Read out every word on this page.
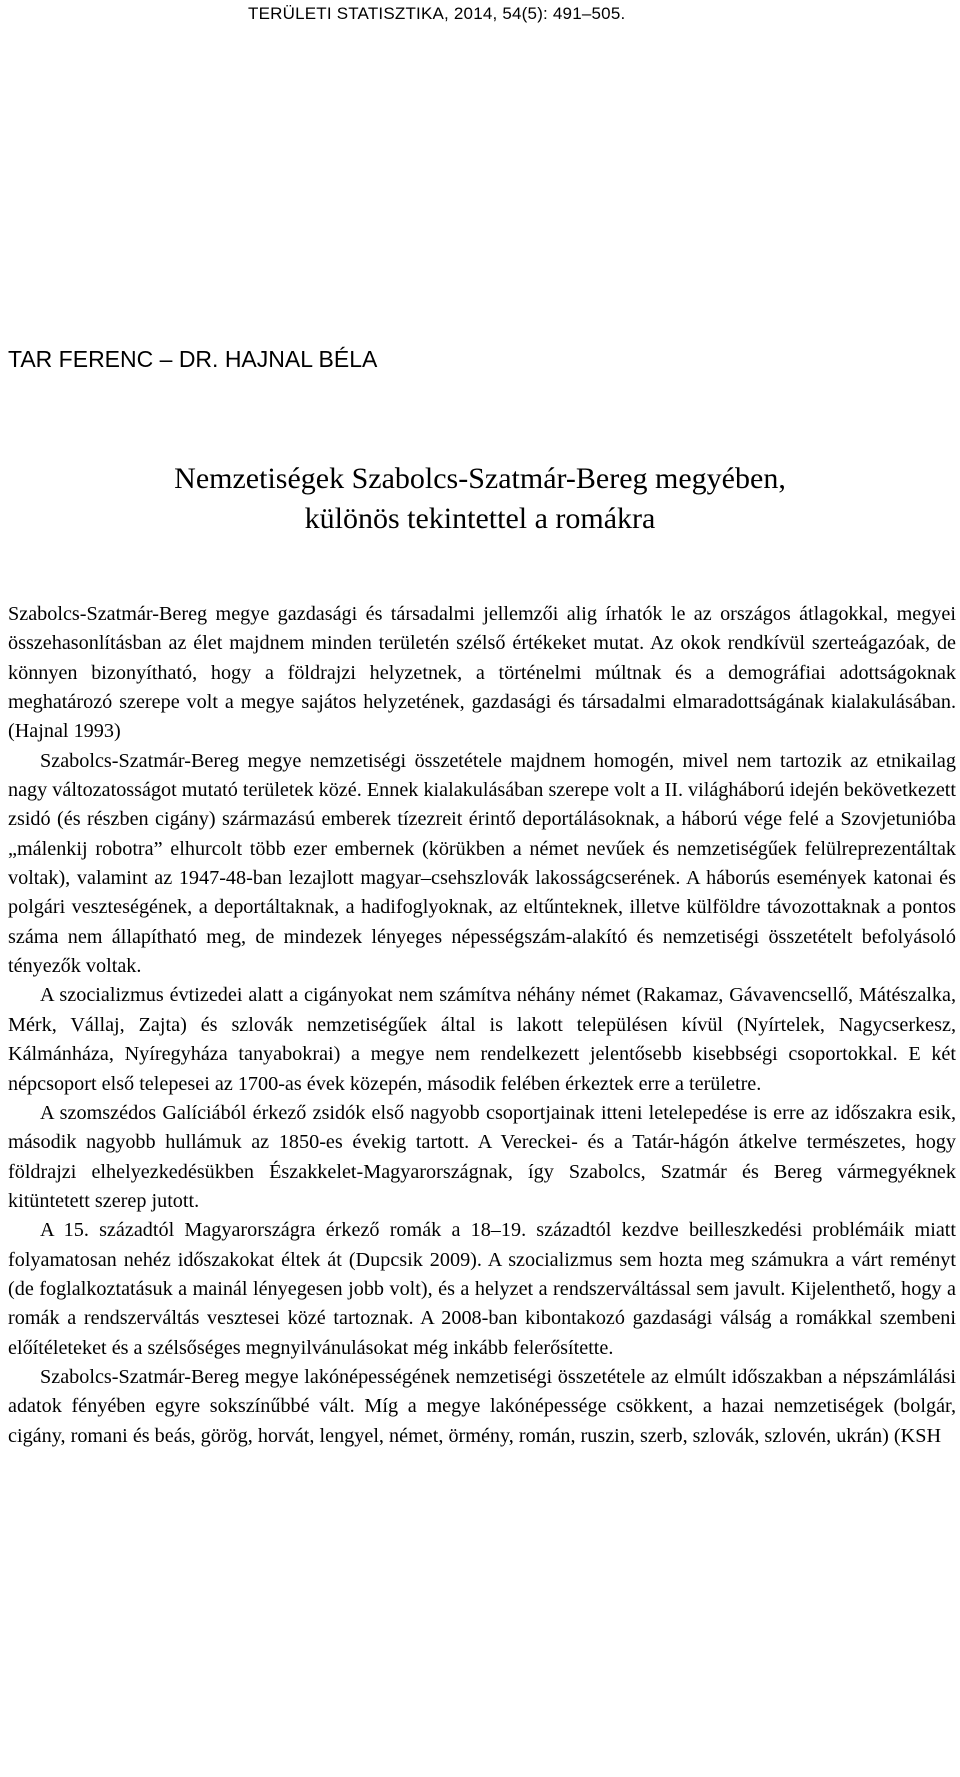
TERÜLETI STATISZTIKA, 2014, 54(5): 491–505.
TAR FERENC – DR. HAJNAL BÉLA
Nemzetiségek Szabolcs-Szatmár-Bereg megyében,
különös tekintettel a romákra

Szabolcs-Szatmár-Bereg megye gazdasági és társadalmi jellemzői alig írhatók le az országos átlagokkal, megyei összehasonlításban az élet majdnem minden területén szélső értékeket mutat. Az okok rendkívül szerteágazóak, de könnyen bizonyítható, hogy a földrajzi helyzetnek, a történelmi múltnak és a demográfiai adottságoknak meghatározó szerepe volt a megye sajátos helyzetének, gazdasági és társadalmi elmaradottságának kialakulásában. (Hajnal 1993)

Szabolcs-Szatmár-Bereg megye nemzetiségi összetétele majdnem homogén, mivel nem tartozik az etnikailag nagy változatosságot mutató területek közé. Ennek kialakulásában szerepe volt a II. világháború idején bekövetkezett zsidó (és részben cigány) származású emberek tízezreit érintő deportálásoknak, a háború vége felé a Szovjetunióba „málenkij robotra” elhurcolt több ezer embernek (körükben a német nevűek és nemzetiségűek felülreprezentáltak voltak), valamint az 1947-48-ban lezajlott magyar–csehszlovák lakosságcserének. A háborús események katonai és polgári veszteségének, a deportáltaknak, a hadifoglyoknak, az eltűnteknek, illetve külföldre távozottaknak a pontos száma nem állapítható meg, de mindezek lényeges népességszám-alakító és nemzetiségi összetételt befolyásoló tényezők voltak.

A szocializmus évtizedei alatt a cigányokat nem számítva néhány német (Rakamaz, Gávavencsellő, Mátészalka, Mérk, Vállaj, Zajta) és szlovák nemzetiségűek által is lakott településen kívül (Nyírtelek, Nagycserkesz, Kálmánháza, Nyíregyháza tanyabokrai) a megye nem rendelkezett jelentősebb kisebbségi csoportokkal. E két népcsoport első telepesei az 1700-as évek közepén, második felében érkeztek erre a területre.

A szomszédos Galíciából érkező zsidók első nagyobb csoportjainak itteni letelepedése is erre az időszakra esik, második nagyobb hullámuk az 1850-es évekig tartott. A Vereckei- és a Tatár-hágón átkelve természetes, hogy földrajzi elhelyezkedésükben Északkelet-Magyarországnak, így Szabolcs, Szatmár és Bereg vármegyéknek kitüntetett szerep jutott.

A 15. századtól Magyarországra érkező romák a 18–19. századtól kezdve beilleszkedési problémáik miatt folyamatosan nehéz időszakokat éltek át (Dupcsik 2009). A szocializmus sem hozta meg számukra a várt reményt (de foglalkoztatásuk a mainál lényegesen jobb volt), és a helyzet a rendszerváltással sem javult. Kijelenthető, hogy a romák a rendszerváltás vesztesei közé tartoznak. A 2008-ban kibontakozó gazdasági válság a romákkal szembeni előítéleteket és a szélsőséges megnyilvánulásokat még inkább felerősítette.

Szabolcs-Szatmár-Bereg megye lakónépességének nemzetiségi összetétele az elmúlt időszakban a népszámlálási adatok fényében egyre sokszínűbbé vált. Míg a megye lakónépessége csökkent, a hazai nemzetiségek (bolgár, cigány, romani és beás, görög, horvát, lengyel, német, örmény, román, ruszin, szerb, szlovák, szlovén, ukrán) (KSH
